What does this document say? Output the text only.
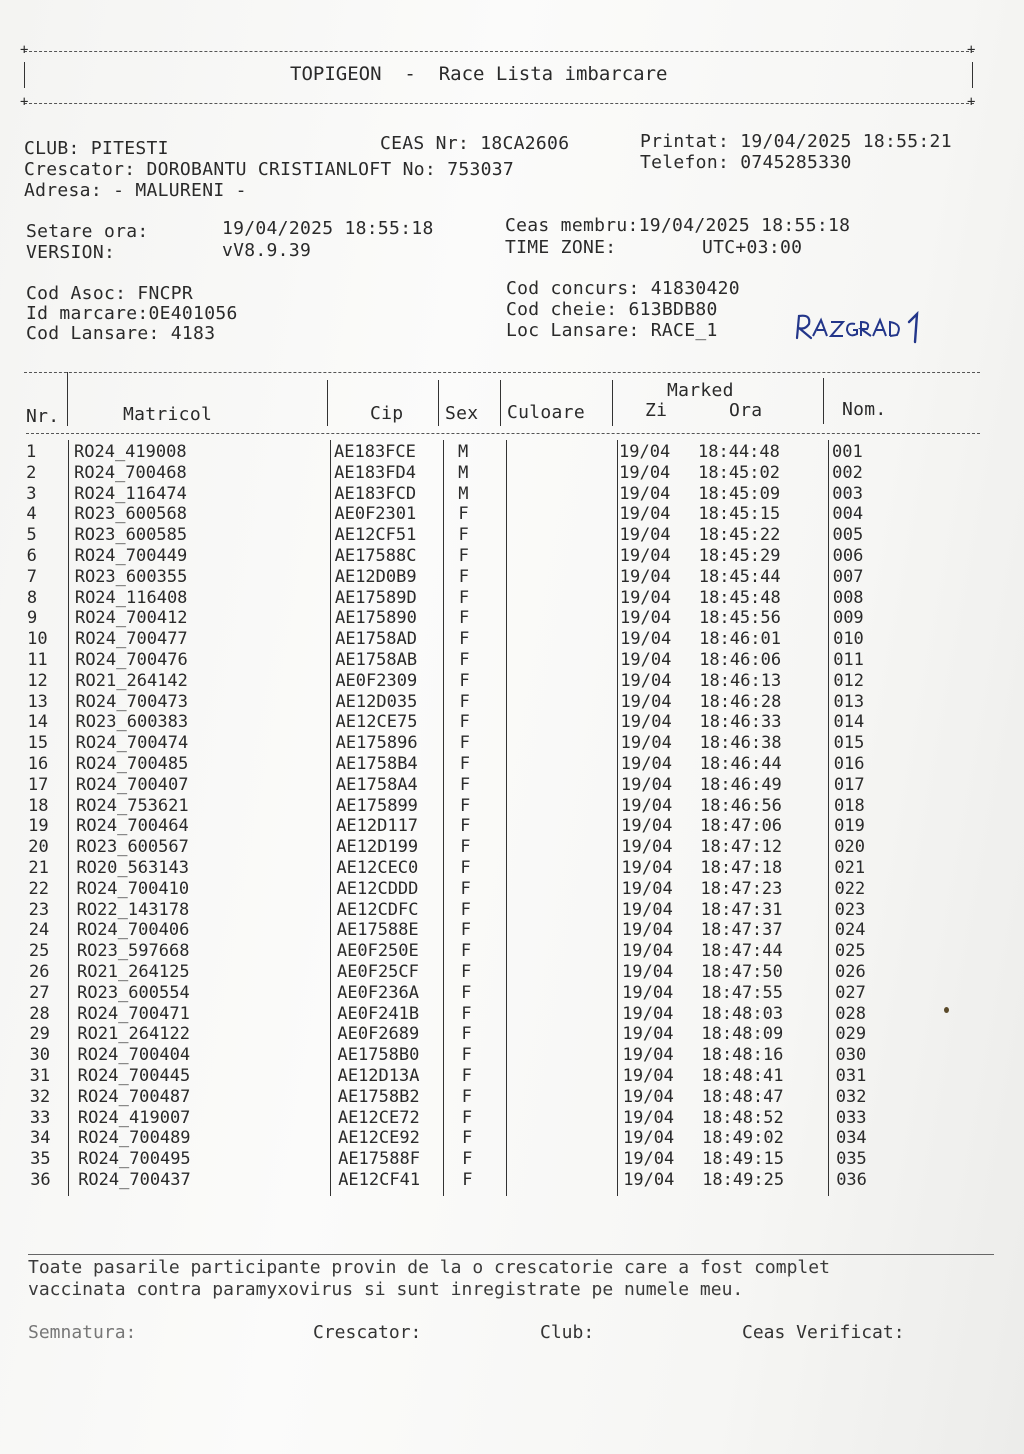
+	+
TOPIGEON  -  Race Lista imbarcare
+	+
CLUB: PITESTI	CEAS Nr: 18CA2606	Printat: 19/04/2025 18:55:21
Crescator: DOROBANTU CRISTIANLOFT No: 753037	Telefon: 0745285330
Adresa: - MALURENI -
Setare ora:	19/04/2025 18:55:18	Ceas membru:19/04/2025 18:55:18
VERSION:	vV8.9.39	TIME ZONE:	UTC+03:00
Cod Asoc: FNCPR
Id marcare:0E401056
Cod Lansare: 4183
Cod concurs: 41830420
Cod cheie: 613BDB80
Loc Lansare: RACE_1
Nr.	Matricol	Cip Sex Culoare
Marked
Zi	Ora	Nom.
1	RO24_419008	AE183FCE M	19/04 18:44:48	001
2	RO24_700468	AE183FD4 M	19/04 18:45:02	002
3	RO24_116474	AE183FCD M	19/04 18:45:09	003
4	RO23_600568	AE0F2301 F	19/04 18:45:15	004
5	RO23_600585	AE12CF51 F	19/04 18:45:22	005
6	RO24_700449	AE17588C F	19/04 18:45:29	006
7	RO23_600355	AE12D0B9 F	19/04 18:45:44	007
8	RO24_116408	AE17589D F	19/04 18:45:48	008
9	RO24_700412	AE175890 F	19/04 18:45:56	009
10	RO24_700477	AE1758AD F	19/04 18:46:01	010
11	RO24_700476	AE1758AB F	19/04 18:46:06	011
12	RO21_264142	AE0F2309 F	19/04 18:46:13	012
13	RO24_700473	AE12D035 F	19/04 18:46:28	013
14	RO23_600383	AE12CE75 F	19/04 18:46:33	014
15	RO24_700474	AE175896 F	19/04 18:46:38	015
16	RO24_700485	AE1758B4 F	19/04 18:46:44	016
17	RO24_700407	AE1758A4 F	19/04 18:46:49	017
18	RO24_753621	AE175899 F	19/04 18:46:56	018
19	RO24_700464	AE12D117 F	19/04 18:47:06	019
20	RO23_600567	AE12D199 F	19/04 18:47:12	020
21	RO20_563143	AE12CEC0 F	19/04 18:47:18	021
22	RO24_700410	AE12CDDD F	19/04 18:47:23	022
23	RO22_143178	AE12CDFC F	19/04 18:47:31	023
24	RO24_700406	AE17588E F	19/04 18:47:37	024
25	RO23_597668	AE0F250E F	19/04 18:47:44	025
26	RO21_264125	AE0F25CF F	19/04 18:47:50	026
27	RO23_600554	AE0F236A F	19/04 18:47:55	027
28	RO24_700471	AE0F241B F	19/04 18:48:03	028
29	RO21_264122	AE0F2689 F	19/04 18:48:09	029
30	RO24_700404	AE1758B0 F	19/04 18:48:16	030
31	RO24_700445	AE12D13A F	19/04 18:48:41	031
32	RO24_700487	AE1758B2 F	19/04 18:48:47	032
33	RO24_419007	AE12CE72 F	19/04 18:48:52	033
34	RO24_700489	AE12CE92 F	19/04 18:49:02	034
35	RO24_700495	AE17588F F	19/04 18:49:15	035
36	RO24_700437	AE12CF41 F	19/04 18:49:25	036
Toate pasarile participante provin de la o crescatorie care a fost complet
vaccinata contra paramyxovirus si sunt inregistrate pe numele meu.
Semnatura:	Crescator:	Club:	Ceas Verificat:
